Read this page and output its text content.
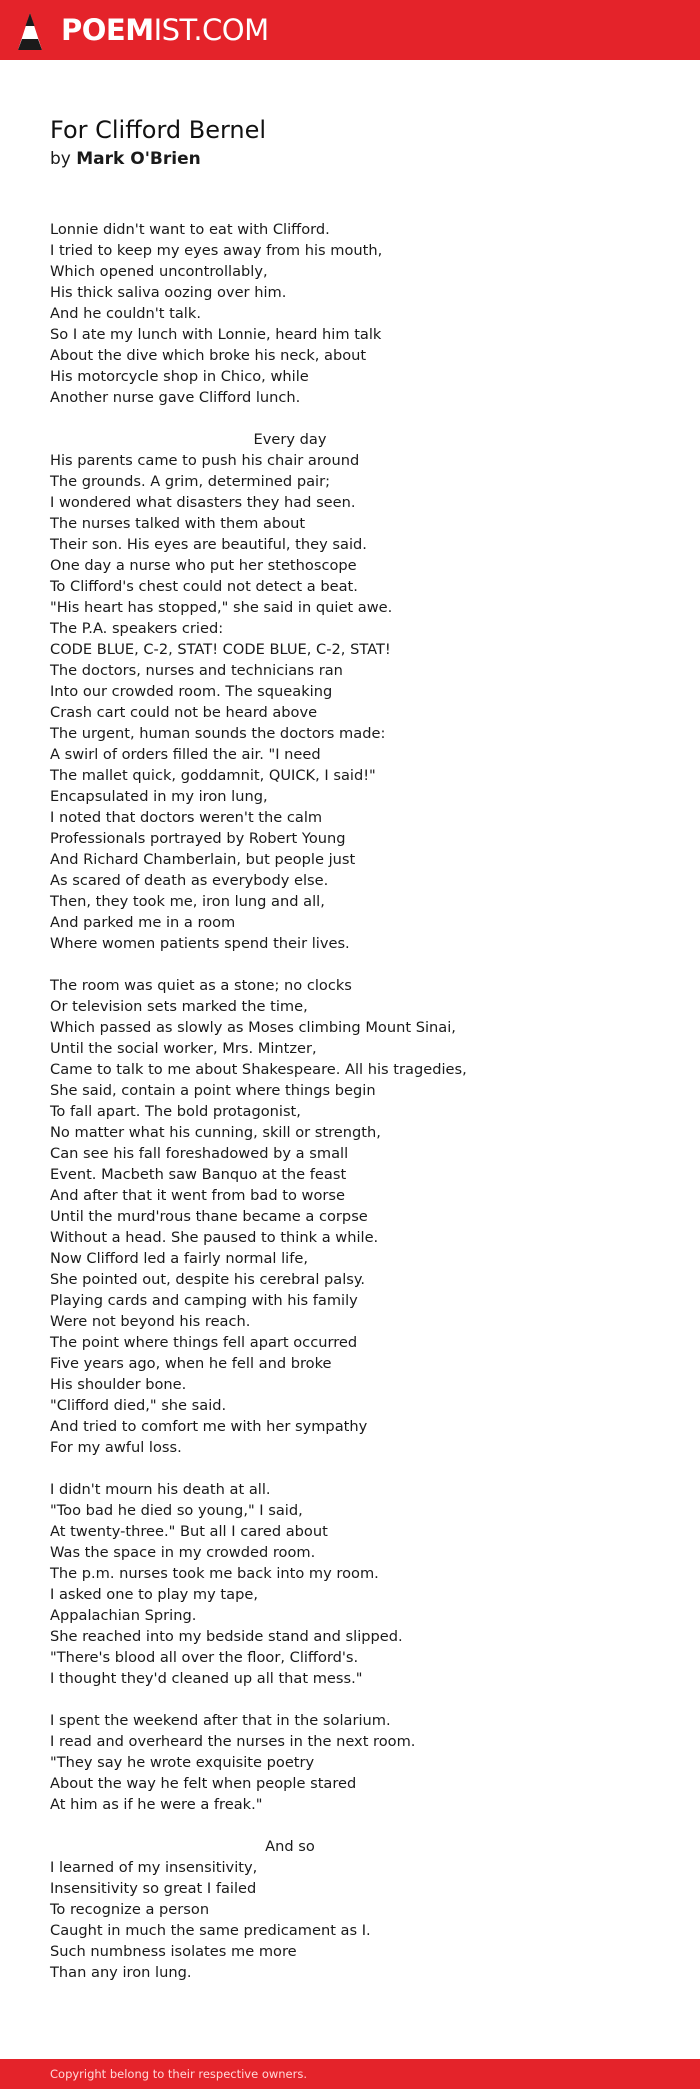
POEMIST.COM
For Clifford Bernel
by Mark O'Brien
Lonnie didn't want to eat with Clifford.
I tried to keep my eyes away from his mouth,
Which opened uncontrollably,
His thick saliva oozing over him.
And he couldn't talk.
So I ate my lunch with Lonnie, heard him talk
About the dive which broke his neck, about
His motorcycle shop in Chico, while
Another nurse gave Clifford lunch.
Every day
His parents came to push his chair around
The grounds. A grim, determined pair;
I wondered what disasters they had seen.
The nurses talked with them about
Their son. His eyes are beautiful, they said.
One day a nurse who put her stethoscope
To Clifford's chest could not detect a beat.
"His heart has stopped," she said in quiet awe.
The P.A. speakers cried:
CODE BLUE, C-2, STAT! CODE BLUE, C-2, STAT!
The doctors, nurses and technicians ran
Into our crowded room. The squeaking
Crash cart could not be heard above
The urgent, human sounds the doctors made:
A swirl of orders filled the air. "I need
The mallet quick, goddamnit, QUICK, I said!"
Encapsulated in my iron lung,
I noted that doctors weren't the calm
Professionals portrayed by Robert Young
And Richard Chamberlain, but people just
As scared of death as everybody else.
Then, they took me, iron lung and all,
And parked me in a room
Where women patients spend their lives.
The room was quiet as a stone; no clocks
Or television sets marked the time,
Which passed as slowly as Moses climbing Mount Sinai,
Until the social worker, Mrs. Mintzer,
Came to talk to me about Shakespeare. All his tragedies,
She said, contain a point where things begin
To fall apart. The bold protagonist,
No matter what his cunning, skill or strength,
Can see his fall foreshadowed by a small
Event. Macbeth saw Banquo at the feast
And after that it went from bad to worse
Until the murd'rous thane became a corpse
Without a head. She paused to think a while.
Now Clifford led a fairly normal life,
She pointed out, despite his cerebral palsy.
Playing cards and camping with his family
Were not beyond his reach.
The point where things fell apart occurred
Five years ago, when he fell and broke
His shoulder bone.
"Clifford died," she said.
And tried to comfort me with her sympathy
For my awful loss.
I didn't mourn his death at all.
"Too bad he died so young," I said,
At twenty-three." But all I cared about
Was the space in my crowded room.
The p.m. nurses took me back into my room.
I asked one to play my tape,
Appalachian Spring.
She reached into my bedside stand and slipped.
"There's blood all over the floor, Clifford's.
I thought they'd cleaned up all that mess."
I spent the weekend after that in the solarium.
I read and overheard the nurses in the next room.
"They say he wrote exquisite poetry
About the way he felt when people stared
At him as if he were a freak."
And so
I learned of my insensitivity,
Insensitivity so great I failed
To recognize a person
Caught in much the same predicament as I.
Such numbness isolates me more
Than any iron lung.
Copyright belong to their respective owners.
